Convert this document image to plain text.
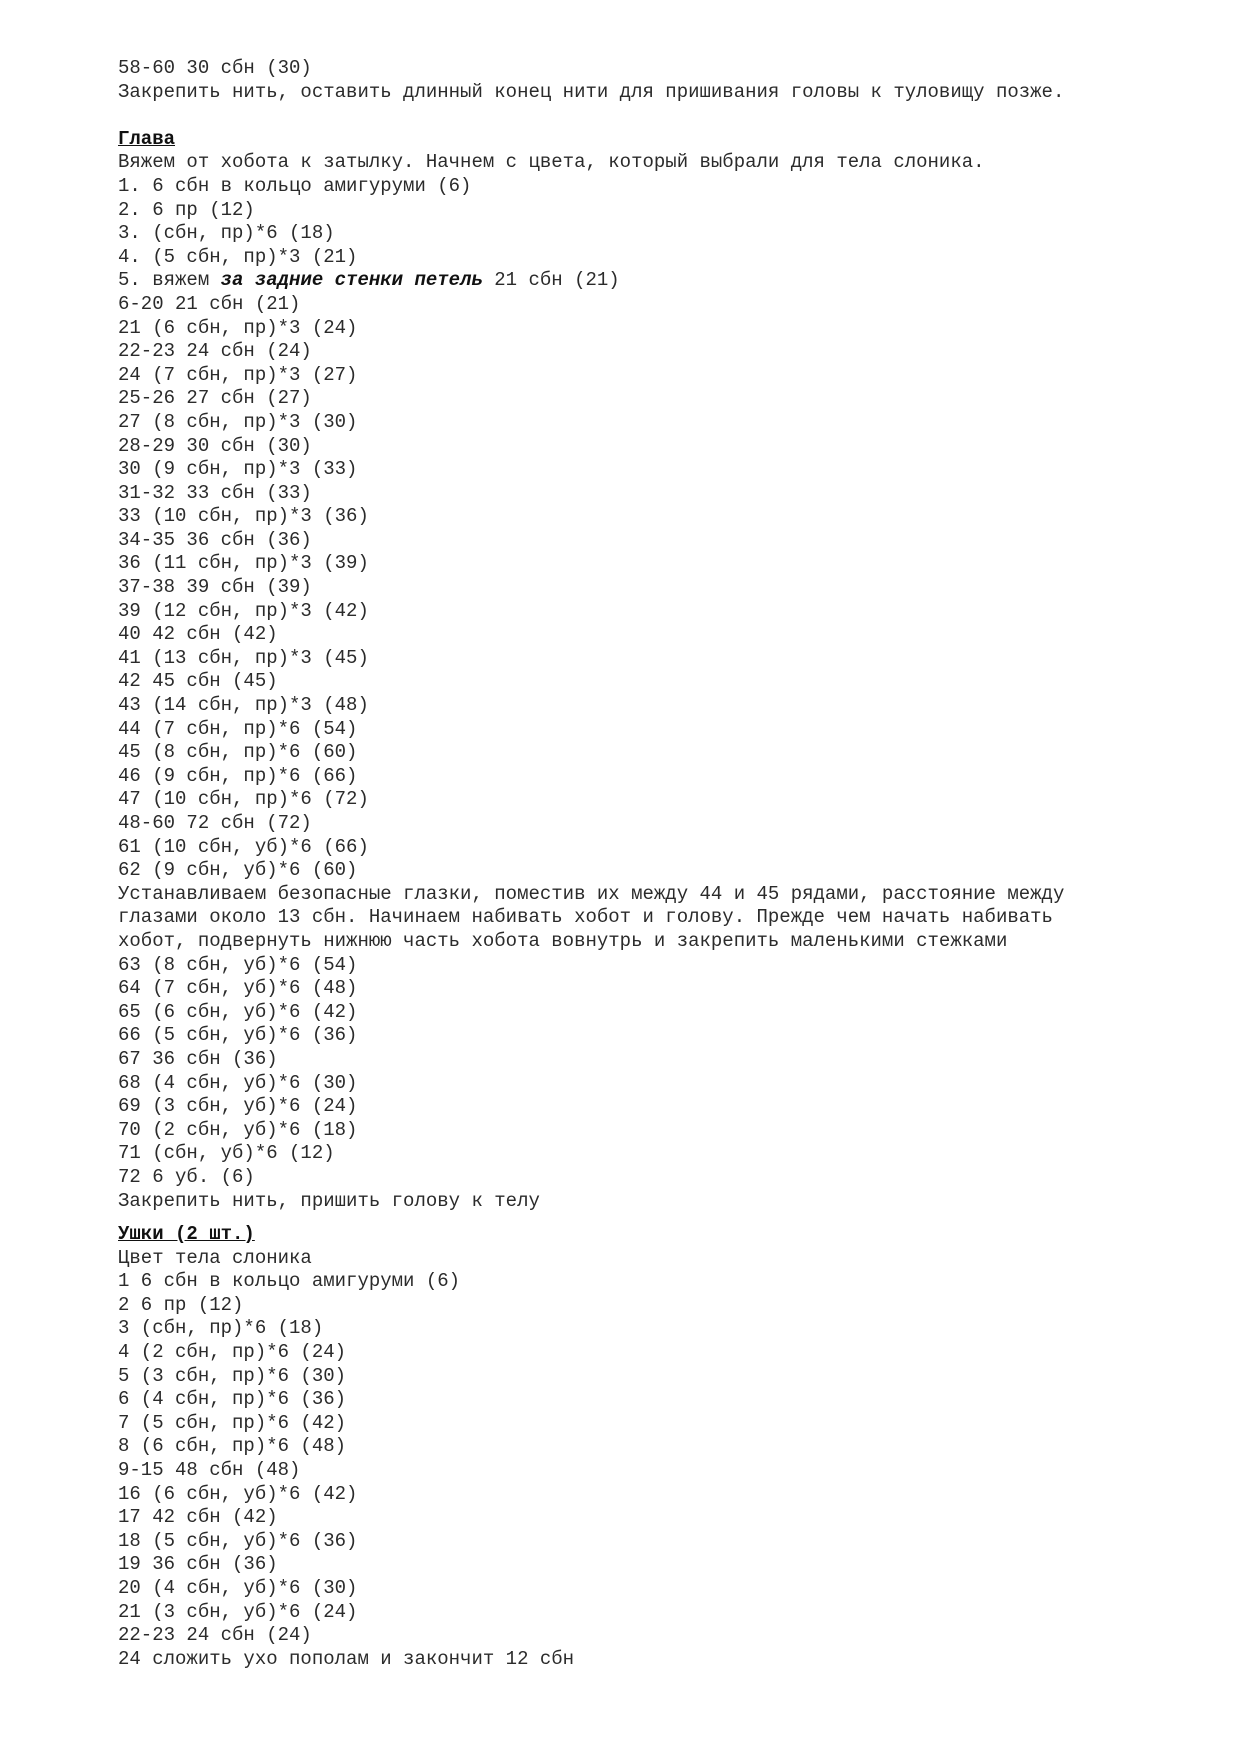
58-60 30 сбн (30)
Закрепить нить, оставить длинный конец нити для пришивания головы к туловищу позже.
Глава
Вяжем от хобота к затылку. Начнем с цвета, который выбрали для тела слоника.
1. 6 сбн в кольцо амигуруми (6)
2. 6 пр (12)
3. (сбн, пр)*6 (18)
4. (5 сбн, пр)*3 (21)
5. вяжем за задние стенки петель 21 сбн (21)
6-20 21 сбн (21)
21 (6 сбн, пр)*3 (24)
22-23 24 сбн (24)
24 (7 сбн, пр)*3 (27)
25-26 27 сбн (27)
27 (8 сбн, пр)*3 (30)
28-29 30 сбн (30)
30 (9 сбн, пр)*3 (33)
31-32 33 сбн (33)
33 (10 сбн, пр)*3 (36)
34-35 36 сбн (36)
36 (11 сбн, пр)*3 (39)
37-38 39 сбн (39)
39 (12 сбн, пр)*3 (42)
40 42 сбн (42)
41 (13 сбн, пр)*3 (45)
42 45 сбн (45)
43 (14 сбн, пр)*3 (48)
44 (7 сбн, пр)*6 (54)
45 (8 сбн, пр)*6 (60)
46 (9 сбн, пр)*6 (66)
47 (10 сбн, пр)*6 (72)
48-60 72 сбн (72)
61 (10 сбн, уб)*6 (66)
62 (9 сбн, уб)*6 (60)
Устанавливаем безопасные глазки, поместив их между 44 и 45 рядами, расстояние между
глазами около 13 сбн. Начинаем набивать хобот и голову. Прежде чем начать набивать
хобот, подвернуть нижнюю часть хобота вовнутрь и закрепить маленькими стежками
63 (8 сбн, уб)*6 (54)
64 (7 сбн, уб)*6 (48)
65 (6 сбн, уб)*6 (42)
66 (5 сбн, уб)*6 (36)
67 36 сбн (36)
68 (4 сбн, уб)*6 (30)
69 (3 сбн, уб)*6 (24)
70 (2 сбн, уб)*6 (18)
71 (сбн, уб)*6 (12)
72 6 уб. (6)
Закрепить нить, пришить голову к телу
Ушки (2 шт.)
Цвет тела слоника
1 6 сбн в кольцо амигуруми (6)
2 6 пр (12)
3 (сбн, пр)*6 (18)
4 (2 сбн, пр)*6 (24)
5 (3 сбн, пр)*6 (30)
6 (4 сбн, пр)*6 (36)
7 (5 сбн, пр)*6 (42)
8 (6 сбн, пр)*6 (48)
9-15 48 сбн (48)
16 (6 сбн, уб)*6 (42)
17 42 сбн (42)
18 (5 сбн, уб)*6 (36)
19 36 сбн (36)
20 (4 сбн, уб)*6 (30)
21 (3 сбн, уб)*6 (24)
22-23 24 сбн (24)
24 сложить ухо пополам и закончит 12 сбн
